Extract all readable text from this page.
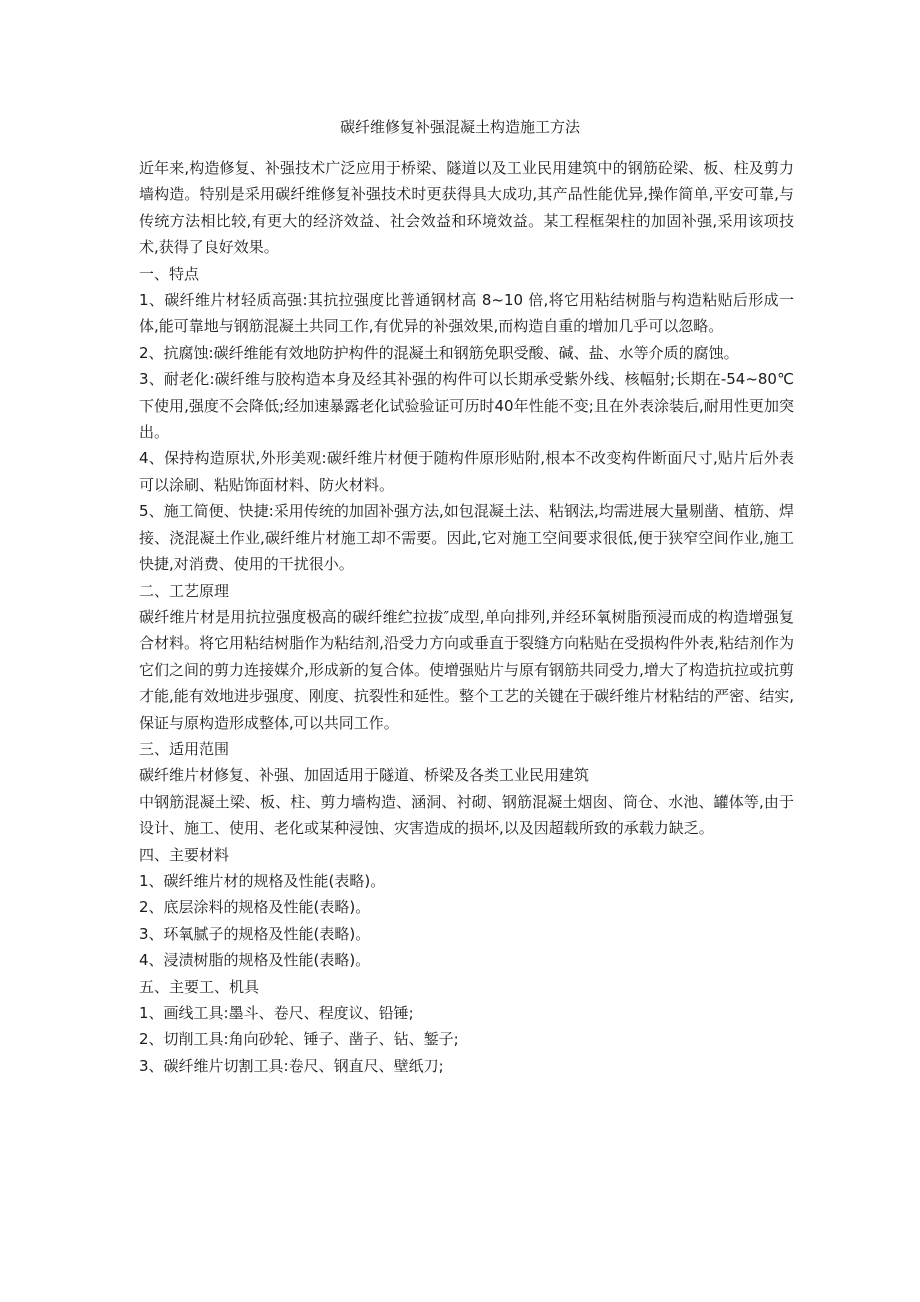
碳纤维修复补强混凝土构造施工方法

近年来,构造修复、补强技术广泛应用于桥梁、隧道以及工业民用建筑中的钢筋砼梁、板、柱及剪力墙构造。特别是采用碳纤维修复补强技术时更获得具大成功,其产品性能优异,操作简单,平安可靠,与传统方法相比较,有更大的经济效益、社会效益和环境效益。某工程框架柱的加固补强,采用该项技术,获得了良好效果。

一、特点

1、碳纤维片材轻质高强:其抗拉强度比普通钢材高 8~10 倍,将它用粘结树脂与构造粘贴后形成一体,能可靠地与钢筋混凝土共同工作,有优异的补强效果,而构造自重的增加几乎可以忽略。

2、抗腐蚀:碳纤维能有效地防护构件的混凝土和钢筋免职受酸、碱、盐、水等介质的腐蚀。

3、耐老化:碳纤维与胶构造本身及经其补强的构件可以长期承受紫外线、核幅射;长期在-54~80℃下使用,强度不会降低;经加速暴露老化试验验证可历时40年性能不变;且在外表涂装后,耐用性更加突出。

4、保持构造原状,外形美观:碳纤维片材便于随构件原形贴附,根本不改变构件断面尺寸,贴片后外表可以涂刷、粘贴饰面材料、防火材料。

5、施工简便、快捷:采用传统的加固补强方法,如包混凝土法、粘钢法,均需进展大量剔凿、植筋、焊接、浇混凝土作业,碳纤维片材施工却不需要。因此,它对施工空间要求很低,便于狭窄空间作业,施工快捷,对消费、使用的干扰很小。

二、工艺原理

碳纤维片材是用抗拉强度极高的碳纤维纻拉拔″成型,单向排列,并经环氧树脂预浸而成的构造增强复合材料。将它用粘结树脂作为粘结剂,沿受力方向或垂直于裂缝方向粘贴在受损构件外表,粘结剂作为它们之间的剪力连接媒介,形成新的复合体。使增强贴片与原有钢筋共同受力,增大了构造抗拉或抗剪才能,能有效地进步强度、刚度、抗裂性和延性。整个工艺的关键在于碳纤维片材粘结的严密、结实,保证与原构造形成整体,可以共同工作。

三、适用范围

碳纤维片材修复、补强、加固适用于隧道、桥梁及各类工业民用建筑

中钢筋混凝土梁、板、柱、剪力墙构造、涵洞、衬砌、钢筋混凝土烟囱、筒仓、水池、罐体等,由于设计、施工、使用、老化或某种浸蚀、灾害造成的损坏,以及因超载所致的承载力缺乏。

四、主要材料

1、碳纤维片材的规格及性能(表略)。

2、底层涂料的规格及性能(表略)。

3、环氧腻子的规格及性能(表略)。

4、浸渍树脂的规格及性能(表略)。

五、主要工、机具

1、画线工具:墨斗、卷尺、程度议、铅锤;

2、切削工具:角向砂轮、锤子、凿子、钻、錾子;

3、碳纤维片切割工具:卷尺、钢直尺、壁纸刀;
